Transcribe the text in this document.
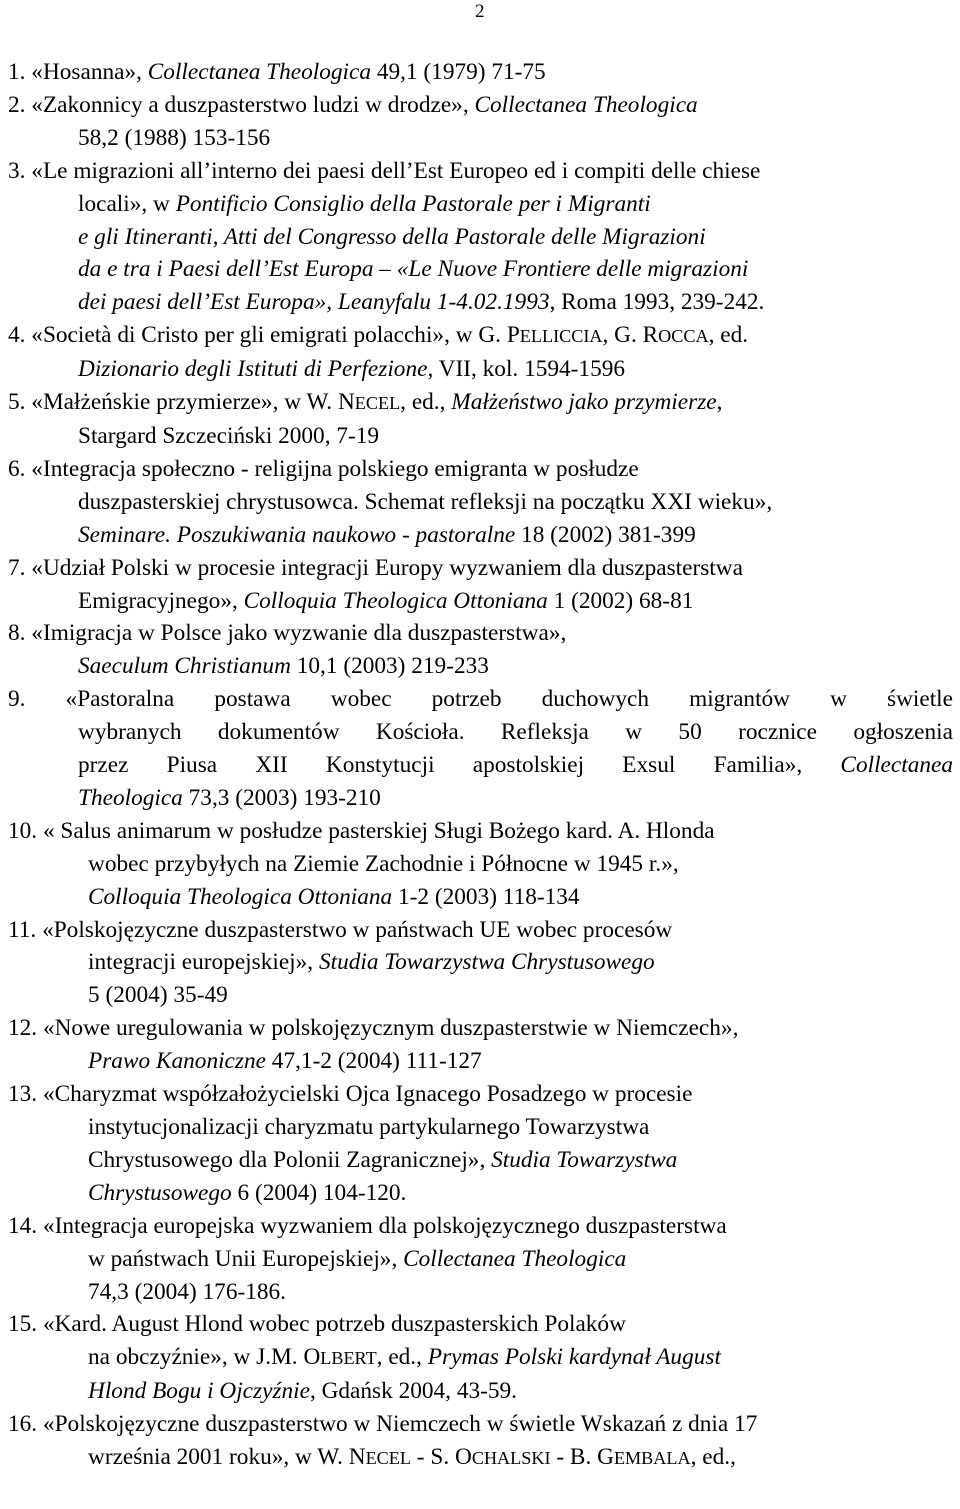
2
1. «Hosanna», Collectanea Theologica 49,1 (1979) 71-75
2. «Zakonnicy a duszpasterstwo ludzi w drodze», Collectanea Theologica
58,2 (1988) 153-156
3. «Le migrazioni all’interno dei paesi dell’Est Europeo ed i compiti delle chiese
locali», w Pontificio Consiglio della Pastorale per i Migranti
e gli Itineranti, Atti del Congresso della Pastorale delle Migrazioni
da e tra i Paesi dell’Est Europa – «Le Nuove Frontiere delle migrazioni
dei paesi dell’Est Europa», Leanyfalu 1-4.02.1993, Roma 1993, 239-242.
4. «Società di Cristo per gli emigrati polacchi», w G. PELLICCIA, G. ROCCA, ed.
Dizionario degli Istituti di Perfezione, VII, kol. 1594-1596
5. «Małżeńskie przymierze», w W. NECEL, ed., Małżeństwo jako przymierze,
Stargard Szczeciński 2000, 7-19
6. «Integracja społeczno - religijna polskiego emigranta w posłudze
duszpasterskiej chrystusowca. Schemat refleksji na początku XXI wieku»,
Seminare. Poszukiwania naukowo - pastoralne 18 (2002) 381-399
7. «Udział Polski w procesie integracji Europy wyzwaniem dla duszpasterstwa
Emigracyjnego», Colloquia Theologica Ottoniana 1 (2002) 68-81
8. «Imigracja w Polsce jako wyzwanie dla duszpasterstwa»,
Saeculum Christianum 10,1 (2003) 219-233
9. «Pastoralna postawa wobec potrzeb duchowych migrantów w świetle
wybranych dokumentów Kościoła. Refleksja w 50 rocznice ogłoszenia
przez Piusa XII Konstytucji apostolskiej Exsul Familia», Collectanea
Theologica 73,3 (2003) 193-210
10. « Salus animarum w posłudze pasterskiej Sługi Bożego kard. A. Hlonda
wobec przybyłych na Ziemie Zachodnie i Północne w 1945 r.»,
Colloquia Theologica Ottoniana 1-2 (2003) 118-134
11. «Polskojęzyczne duszpasterstwo w państwach UE wobec procesów
integracji europejskiej», Studia Towarzystwa Chrystusowego
5 (2004) 35-49
12. «Nowe uregulowania w polskojęzycznym duszpasterstwie w Niemczech»,
Prawo Kanoniczne 47,1-2 (2004) 111-127
13. «Charyzmat współzałożycielski Ojca Ignacego Posadzego w procesie
instytucjonalizacji charyzmatu partykularnego Towarzystwa
Chrystusowego dla Polonii Zagranicznej», Studia Towarzystwa
Chrystusowego 6 (2004) 104-120.
14. «Integracja europejska wyzwaniem dla polskojęzycznego duszpasterstwa
w państwach Unii Europejskiej», Collectanea Theologica
74,3 (2004) 176-186.
15. «Kard. August Hlond wobec potrzeb duszpasterskich Polaków
na obczyźnie», w J.M. OLBERT, ed., Prymas Polski kardynał August
Hlond Bogu i Ojczyźnie, Gdańsk 2004, 43-59.
16. «Polskojęzyczne duszpasterstwo w Niemczech w świetle Wskazań z dnia 17
września 2001 roku», w W. NECEL - S. OCHALSKI - B. GEMBALA, ed.,
